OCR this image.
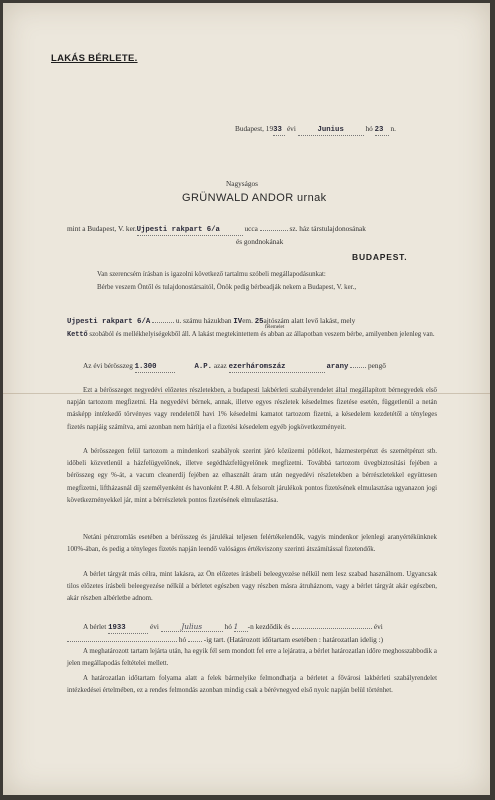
LAKÁS BÉRLETE.
Budapest, 1933 évi	Junius	hó 23 n.
Nagyságos
GRÜNWALD ANDOR urnak
mint a Budapest, V. ker.Ujpesti rakpart 6/a	ucca	sz. ház társtulajdonosának
és gondnokának
BUDAPEST.
Van szerencsém írásban is igazolni következő tartalmu szóbeli megállapodásunkat:
Bérbe veszem Öntől és tulajdonostársaitól, Önök pedig bérbeadják nekem a Budapest, V. ker.,
Ujpesti rakpart 6/A	u. számu házukban IVem. 25ajtószám alatt levő lakást, mely
félemelet
Kettő szobából és mellékhelyiségekből áll. A lakást megtekintettem és abban az állapotban veszem bérbe, amilyenben jelenleg van.
Az évi bérösszeg 1.300	A.P. azaz ezerháromszáz	arany	pengő
Ezt a bérösszeget negyedévi előzetes részletekben, a budapesti lakbérleti szabályrendelet által megállapított bérnegyedek első napján tartozom megfizetni. Ha negyedévi bérnek, annak, illetve egyes részletek késedelmes fizetése esetén, függetlenül a netán másképp intézkedő törvényes vagy rendelettől havi 1% késedelmi kamatot tartozom fizetni, a késedelem kezdetétől a tényleges fizetés napjáig számítva, ami azonban nem hárítja el a fizetési késedelem egyéb jogkövetkezményeit.
A bérösszegen felül tartozom a mindenkori szabályok szerint járó közüzemi pótlékot, házmesterpénzt és szemétpénzt stb. időbeli közvetlenül a házfelügyelőnek, illetve segédházfelügyelőnek megfizetni. Továbbá tartozom üvegbiztosítási fejében a bérösszeg egy %-át, a vacum cleanerdíj fejében az elhasznált áram után negyedévi részletekben a bérrészletekkel együttesen megfizetni, liftházasnál díj személyenként és havonként P. 4.80. A felsorolt járulékok pontos fizetésének elmulasztása ugyanazon jogi következményekkel jár, mint a bérrészletek pontos fizetésének elmulasztása.
Netáni pénzromlás esetében a bérösszeg és járulékai teljesen felértékelendők, vagyis mindenkor jelenlegi aranyértékünknek 100%-ában, és pedig a tényleges fizetés napján leendő valóságos értékviszony szerinti átszámítással fizetendők.
A bérlet tárgyát más célra, mint lakásra, az Ön előzetes írásbeli beleegyezése nélkül nem lesz szabad használnom. Ugyancsak tilos előzetes írásbeli beleegyezése nélkül a bérletet egészben vagy részben másra átruháznom, vagy a bérlet tárgyát akár egészben, akár részben albérletbe adnom.
A bérlet 1933	évi	Julius	hó 1 -n kezdődik és	évi
hó -ig tart. (Határozott időtartam esetében : határozatlan idelig :)
A meghatározott tartam lejárta után, ha egyik fél sem mondott fel erre a lejáratra, a bérlet határozatlan időre meghosszabbodik a jelen megállapodás feltételei mellett.
A határozatlan időtartam folyama alatt a felek bármelyike felmondhatja a bérletet a fővárosi lakbérleti szabályrendelet intézkedései értelmében, ez a rendes felmondás azonban mindig csak a bérévnegyed első nyolc napján belül történhet.
